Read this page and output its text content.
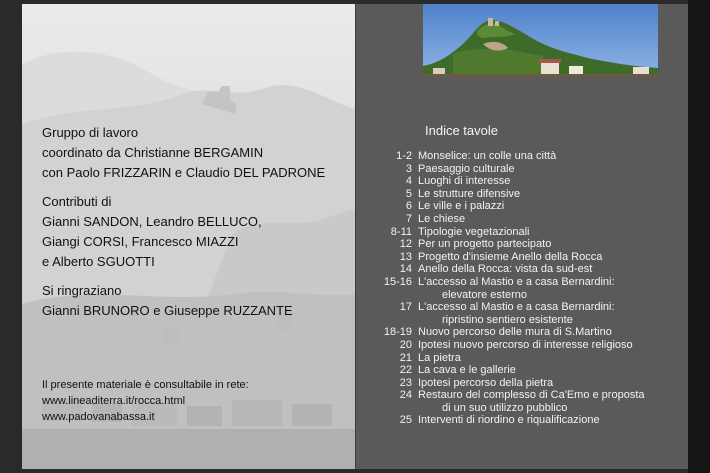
Gruppo di lavoro

coordinato da Christianne BERGAMIN

con Paolo FRIZZARIN e Claudio DEL PADRONE

Contributi di

Gianni SANDON, Leandro BELLUCO,

Giangi CORSI, Francesco MIAZZI

e Alberto SGUOTTI

Si ringraziano

Gianni BRUNORO e Giuseppe RUZZANTE

Il presente materiale è consultabile in rete:

www.lineaditerra.it/rocca.html

www.padovanabassa.it

Indice tavole
1-2 Monselice: un colle una città
3 Paesaggio culturale
4 Luoghi di interesse
5 Le strutture difensive
6 Le ville e i palazzi
7 Le chiese
8-11 Tipologie vegetazionali
12 Per un progetto partecipato
13 Progetto d'insieme Anello della Rocca
14 Anello della Rocca: vista da sud-est
15-16 L'accesso al Mastio e a casa Bernardini:
elevatore esterno
17 L'accesso al Mastio e a casa Bernardini:
ripristino sentiero esistente
18-19 Nuovo percorso delle mura di S.Martino
20 Ipotesi nuovo percorso di interesse religioso
21 La pietra
22 La cava e le gallerie
23 Ipotesi percorso della pietra
24 Restauro del complesso di Ca'Emo e proposta
di un suo utilizzo pubblico
25 Interventi di riordino e riqualificazione
